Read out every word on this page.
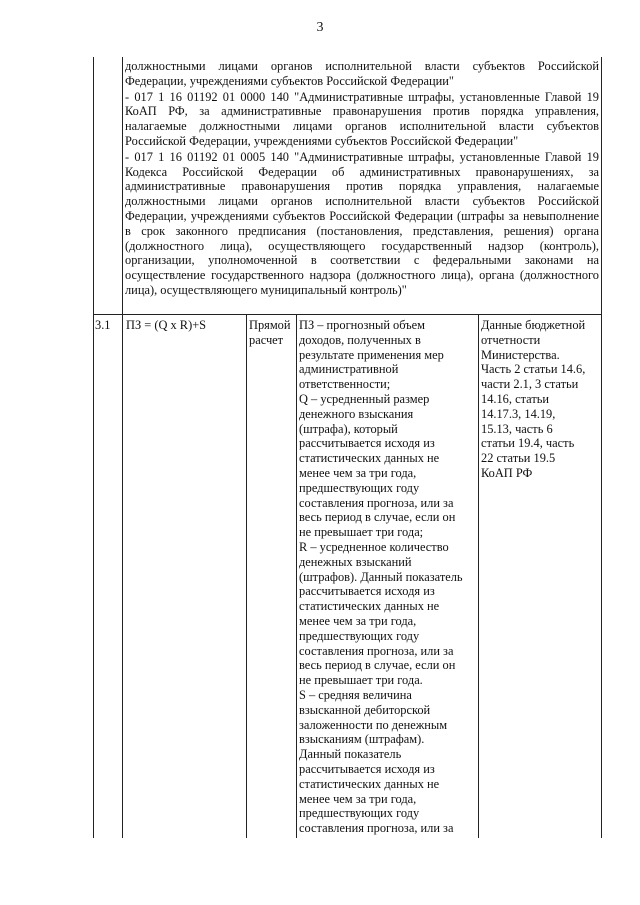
3

должностными лицами органов исполнительной власти субъектов Российской Федерации, учреждениями субъектов Российской Федерации"

- 017 1 16 01192 01 0000 140 "Административные штрафы, установленные Главой 19 КоАП РФ, за административные правонарушения против порядка управления, налагаемые должностными лицами органов исполнительной власти субъектов Российской Федерации, учреждениями субъектов Российской Федерации"

- 017 1 16 01192 01 0005 140 "Административные штрафы, установленные Главой 19 Кодекса Российской Федерации об административных правонарушениях, за административные правонарушения против порядка управления, налагаемые должностными лицами органов исполнительной власти субъектов Российской Федерации, учреждениями субъектов Российской Федерации (штрафы за невыполнение в срок законного предписания (постановления, представления, решения) органа (должностного лица), осуществляющего государственный надзор (контроль), организации, уполномоченной в соответствии с федеральными законами на осуществление государственного надзора (должностного лица), органа (должностного лица), осуществляющего муниципальный контроль)"

3.1	ПЗ = (Q x R)+S	Прямой
расчет
ПЗ – прогнозный объем
доходов, полученных в
результате применения мер
административной
ответственности;
Q – усредненный размер
денежного взыскания
(штрафа), который
рассчитывается исходя из
статистических данных не
менее чем за три года,
предшествующих году
составления прогноза, или за
весь период в случае, если он
не превышает три года;
R – усредненное количество
денежных взысканий
(штрафов). Данный показатель
рассчитывается исходя из
статистических данных не
менее чем за три года,
предшествующих году
составления прогноза, или за
весь период в случае, если он
не превышает три года.
S – средняя величина
взысканной дебиторской
заложенности по денежным
взысканиям (штрафам).
Данный показатель
рассчитывается исходя из
статистических данных не
менее чем за три года,
предшествующих году
составления прогноза, или за
Данные бюджетной
отчетности
Министерства.
Часть 2 статьи 14.6,
части 2.1, 3 статьи
14.16, статьи
14.17.3, 14.19,
15.13, часть 6
статьи 19.4, часть
22 статьи 19.5
КоАП РФ
